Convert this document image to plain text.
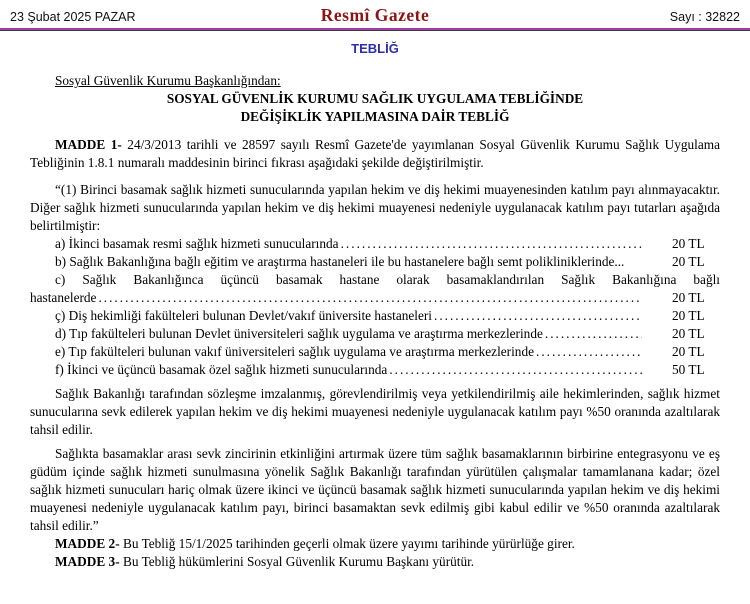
23 Şubat 2025 PAZAR	Resmî Gazete	Sayı : 32822
TEBLİĞ
Sosyal Güvenlik Kurumu Başkanlığından:
SOSYAL GÜVENLİK KURUMU SAĞLIK UYGULAMA TEBLİĞİNDE
DEĞİŞİKLİK YAPILMASINA DAİR TEBLİĞ

MADDE 1- 24/3/2013 tarihli ve 28597 sayılı Resmî Gazete'de yayımlanan Sosyal Güvenlik Kurumu Sağlık Uygulama Tebliğinin 1.8.1 numaralı maddesinin birinci fıkrası aşağıdaki şekilde değiştirilmiştir.

“(1) Birinci basamak sağlık hizmeti sunucularında yapılan hekim ve diş hekimi muayenesinden katılım payı alınmayacaktır. Diğer sağlık hizmeti sunucularında yapılan hekim ve diş hekimi muayenesi nedeniyle uygulanacak katılım payı tutarları aşağıda belirtilmiştir:

a) İkinci basamak resmi sağlık hizmeti sunucularında .....	20 TL
b) Sağlık Bakanlığına bağlı eğitim ve araştırma hastaneleri ile bu hastanelere bağlı semt polikliniklerinde...	20 TL
c) Sağlık Bakanlığınca üçüncü basamak hastane olarak basamaklandırılan Sağlık Bakanlığına bağlı
hastanelerde .....	20 TL
ç) Diş hekimliği fakülteleri bulunan Devlet/vakıf üniversite hastaneleri .....	20 TL
d) Tıp fakülteleri bulunan Devlet üniversiteleri sağlık uygulama ve araştırma merkezlerinde .....	20 TL
e) Tıp fakülteleri bulunan vakıf üniversiteleri sağlık uygulama ve araştırma merkezlerinde .....	20 TL
f) İkinci ve üçüncü basamak özel sağlık hizmeti sunucularında .....	50 TL

Sağlık Bakanlığı tarafından sözleşme imzalanmış, görevlendirilmiş veya yetkilendirilmiş aile hekimlerinden, sağlık hizmet sunucularına sevk edilerek yapılan hekim ve diş hekimi muayenesi nedeniyle uygulanacak katılım payı %50 oranında azaltılarak tahsil edilir.

Sağlıkta basamaklar arası sevk zincirinin etkinliğini artırmak üzere tüm sağlık basamaklarının birbirine entegrasyonu ve eş güdüm içinde sağlık hizmeti sunulmasına yönelik Sağlık Bakanlığı tarafından yürütülen çalışmalar tamamlanana kadar; özel sağlık hizmeti sunucuları hariç olmak üzere ikinci ve üçüncü basamak sağlık hizmeti sunucularında yapılan hekim ve diş hekimi muayenesi nedeniyle uygulanacak katılım payı, birinci basamaktan sevk edilmiş gibi kabul edilir ve %50 oranında azaltılarak tahsil edilir.”

MADDE 2- Bu Tebliğ 15/1/2025 tarihinden geçerli olmak üzere yayımı tarihinde yürürlüğe girer.

MADDE 3- Bu Tebliğ hükümlerini Sosyal Güvenlik Kurumu Başkanı yürütür.
